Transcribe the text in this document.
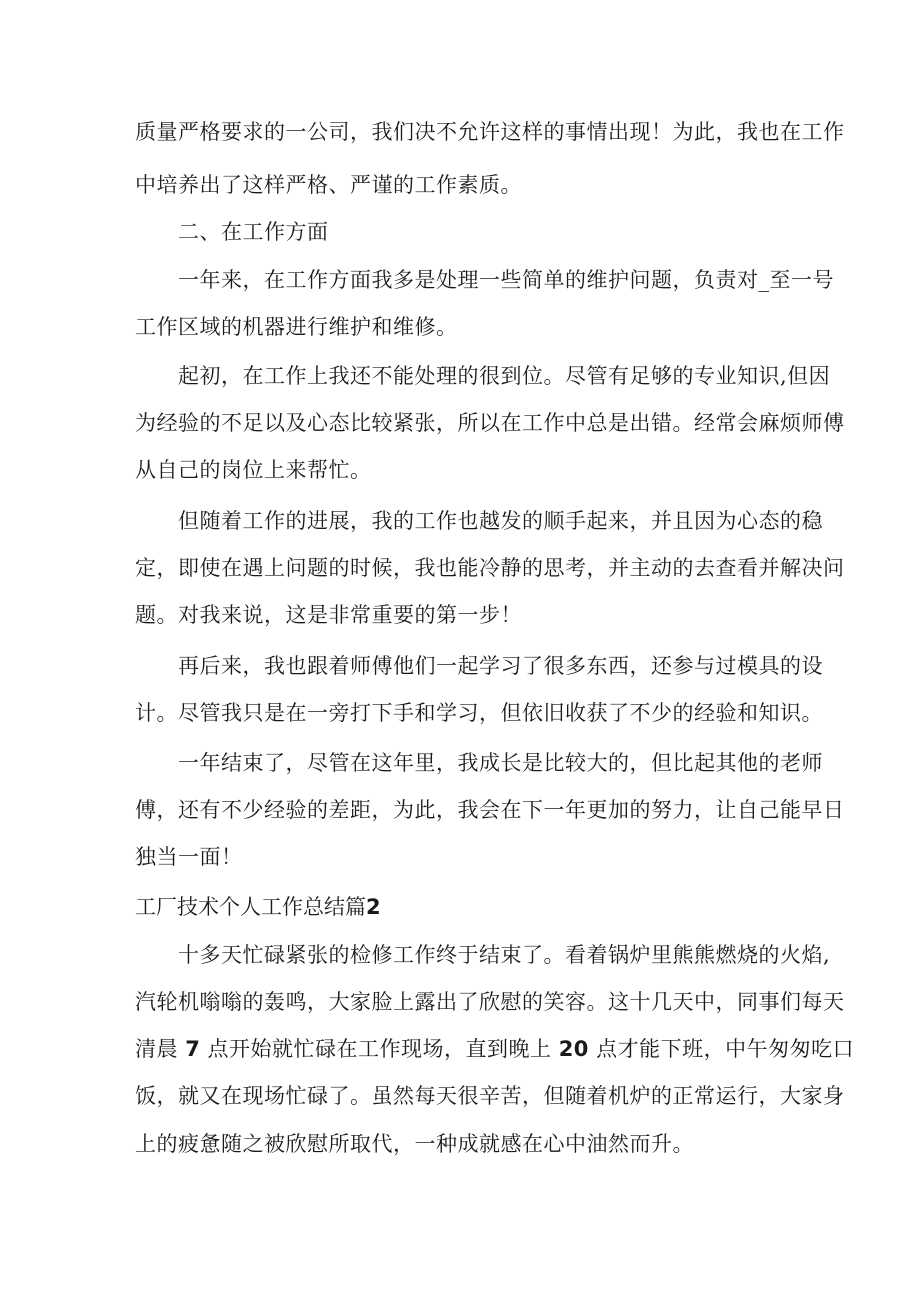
质量严格要求的一公司，我们决不允许这样的事情出现！为此，我也在工作
中培养出了这样严格、严谨的工作素质。
二、在工作方面
一年来，在工作方面我多是处理一些简单的维护问题，负责对_至一号
工作区域的机器进行维护和维修。
起初，在工作上我还不能处理的很到位。尽管有足够的专业知识,但因
为经验的不足以及心态比较紧张，所以在工作中总是出错。经常会麻烦师傅
从自己的岗位上来帮忙。
但随着工作的进展，我的工作也越发的顺手起来，并且因为心态的稳
定，即使在遇上问题的时候，我也能冷静的思考，并主动的去查看并解决问
题。对我来说，这是非常重要的第一步！
再后来，我也跟着师傅他们一起学习了很多东西，还参与过模具的设
计。尽管我只是在一旁打下手和学习，但依旧收获了不少的经验和知识。
一年结束了，尽管在这年里，我成长是比较大的，但比起其他的老师
傅，还有不少经验的差距，为此，我会在下一年更加的努力，让自己能早日
独当一面！
工厂技术个人工作总结篇2
十多天忙碌紧张的检修工作终于结束了。看着锅炉里熊熊燃烧的火焰,
汽轮机嗡嗡的轰鸣，大家脸上露出了欣慰的笑容。这十几天中，同事们每天
清晨 7 点开始就忙碌在工作现场，直到晚上 20 点才能下班，中午匆匆吃口
饭，就又在现场忙碌了。虽然每天很辛苦，但随着机炉的正常运行，大家身
上的疲惫随之被欣慰所取代，一种成就感在心中油然而升。
